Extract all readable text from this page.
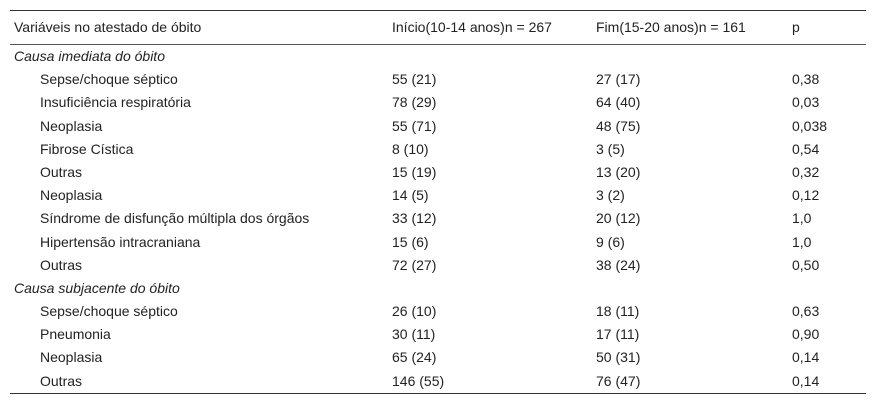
Variáveis no atestado de óbito	Início(10-14 anos)n = 267	Fim(15-20 anos)n = 161	p
Causa imediata do óbito
Sepse/choque séptico	55 (21)	27 (17)	0,38
Insuficiência respiratória	78 (29)	64 (40)	0,03
Neoplasia	55 (71)	48 (75)	0,038
Fibrose Cística	8 (10)	3 (5)	0,54
Outras	15 (19)	13 (20)	0,32
Neoplasia	14 (5)	3 (2)	0,12
Síndrome de disfunção múltipla dos órgãos	33 (12)	20 (12)	1,0
Hipertensão intracraniana	15 (6)	9 (6)	1,0
Outras	72 (27)	38 (24)	0,50
Causa subjacente do óbito
Sepse/choque séptico	26 (10)	18 (11)	0,63
Pneumonia	30 (11)	17 (11)	0,90
Neoplasia	65 (24)	50 (31)	0,14
Outras	146 (55)	76 (47)	0,14
